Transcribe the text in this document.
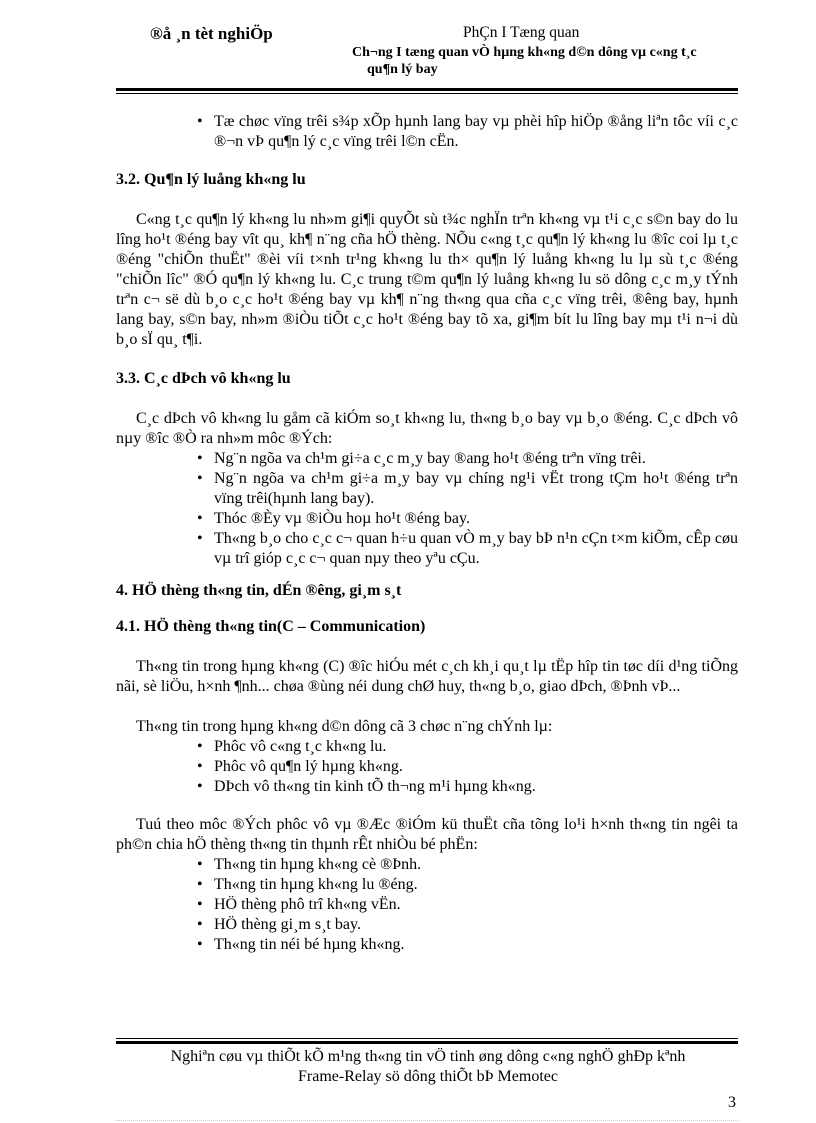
®å ¸n tèt nghiÖp	PhÇn I Tæng quan
Ch¬ng I tæng quan vÒ hµng kh«ng d©n dông vµ c«ng t¸c
qu¶n lý bay
• Tæ chøc vïng trêi s¾p xÕp hµnh lang bay vµ phèi hîp hiÖp ®ång liªn tôc víi c¸c ®¬n vÞ qu¶n lý c¸c vïng trêi l©n cËn.

3.2. Qu¶n lý luång kh«ng lu

C«ng t¸c qu¶n lý kh«ng lu nh»m gi¶i quyÕt sù t¾c nghÏn trªn kh«ng vµ t¹i c¸c s©n bay do lu lîng ho¹t ®éng bay vît qu¸ kh¶ n¨ng cña hÖ thèng. NÕu c«ng t¸c qu¶n lý kh«ng lu ®îc coi lµ t¸c ®éng "chiÕn thuËt" ®èi víi t×nh tr¹ng kh«ng lu th× qu¶n lý luång kh«ng lu lµ sù t¸c ®éng "chiÕn lîc" ®Ó qu¶n lý kh«ng lu. C¸c trung t©m qu¶n lý luång kh«ng lu sö dông c¸c m¸y tÝnh trªn c¬ së dù b¸o c¸c ho¹t ®éng bay vµ kh¶ n¨ng th«ng qua cña c¸c vïng trêi, ®êng bay, hµnh lang bay, s©n bay, nh»m ®iÒu tiÕt c¸c ho¹t ®éng bay tõ xa, gi¶m bít lu lîng bay mµ t¹i n¬i dù b¸o sÏ qu¸ t¶i.

3.3. C¸c dÞch vô kh«ng lu

C¸c dÞch vô kh«ng lu gåm cã kiÓm so¸t kh«ng lu, th«ng b¸o bay vµ b¸o ®éng. C¸c dÞch vô nµy ®îc ®Ò ra nh»m môc ®Ých:

• Ng¨n ngõa va ch¹m gi÷a c¸c m¸y bay ®ang ho¹t ®éng trªn vïng trêi.
• Ng¨n ngõa va ch¹m gi÷a m¸y bay vµ chíng ng¹i vËt trong tÇm ho¹t ®éng trªn vïng trêi(hµnh lang bay).
• Thóc ®Èy vµ ®iÒu hoµ ho¹t ®éng bay.
• Th«ng b¸o cho c¸c c¬ quan h÷u quan vÒ m¸y bay bÞ n¹n cÇn t×m kiÕm, cÊp cøu vµ trî gióp c¸c c¬ quan nµy theo yªu cÇu.

4. HÖ thèng th«ng tin, dÉn ®êng, gi¸m s¸t

4.1. HÖ thèng th«ng tin(C – Communication)

Th«ng tin trong hµng kh«ng (C) ®îc hiÓu mét c¸ch kh¸i qu¸t lµ tËp hîp tin tøc díi d¹ng tiÕng nãi, sè liÖu, h×nh ¶nh... chøa ®ùng néi dung chØ huy, th«ng b¸o, giao dÞch, ®Þnh vÞ...

Th«ng tin trong hµng kh«ng d©n dông cã 3 chøc n¨ng chÝnh lµ:

• Phôc vô c«ng t¸c kh«ng lu.
• Phôc vô qu¶n lý hµng kh«ng.
• DÞch vô th«ng tin kinh tÕ th¬ng m¹i hµng kh«ng.

Tuú theo môc ®Ých phôc vô vµ ®Æc ®iÓm kü thuËt cña tõng lo¹i h×nh th«ng tin ngêi ta ph©n chia hÖ thèng th«ng tin thµnh rÊt nhiÒu bé phËn:

• Th«ng tin hµng kh«ng cè ®Þnh.
• Th«ng tin hµng kh«ng lu ®éng.
• HÖ thèng phô trî kh«ng vËn.
• HÖ thèng gi¸m s¸t bay.
• Th«ng tin néi bé hµng kh«ng.
Nghiªn cøu vµ thiÕt kÕ m¹ng th«ng tin vÖ tinh øng dông c«ng nghÖ ghÐp kªnh
Frame-Relay sö dông thiÕt bÞ Memotec
3
